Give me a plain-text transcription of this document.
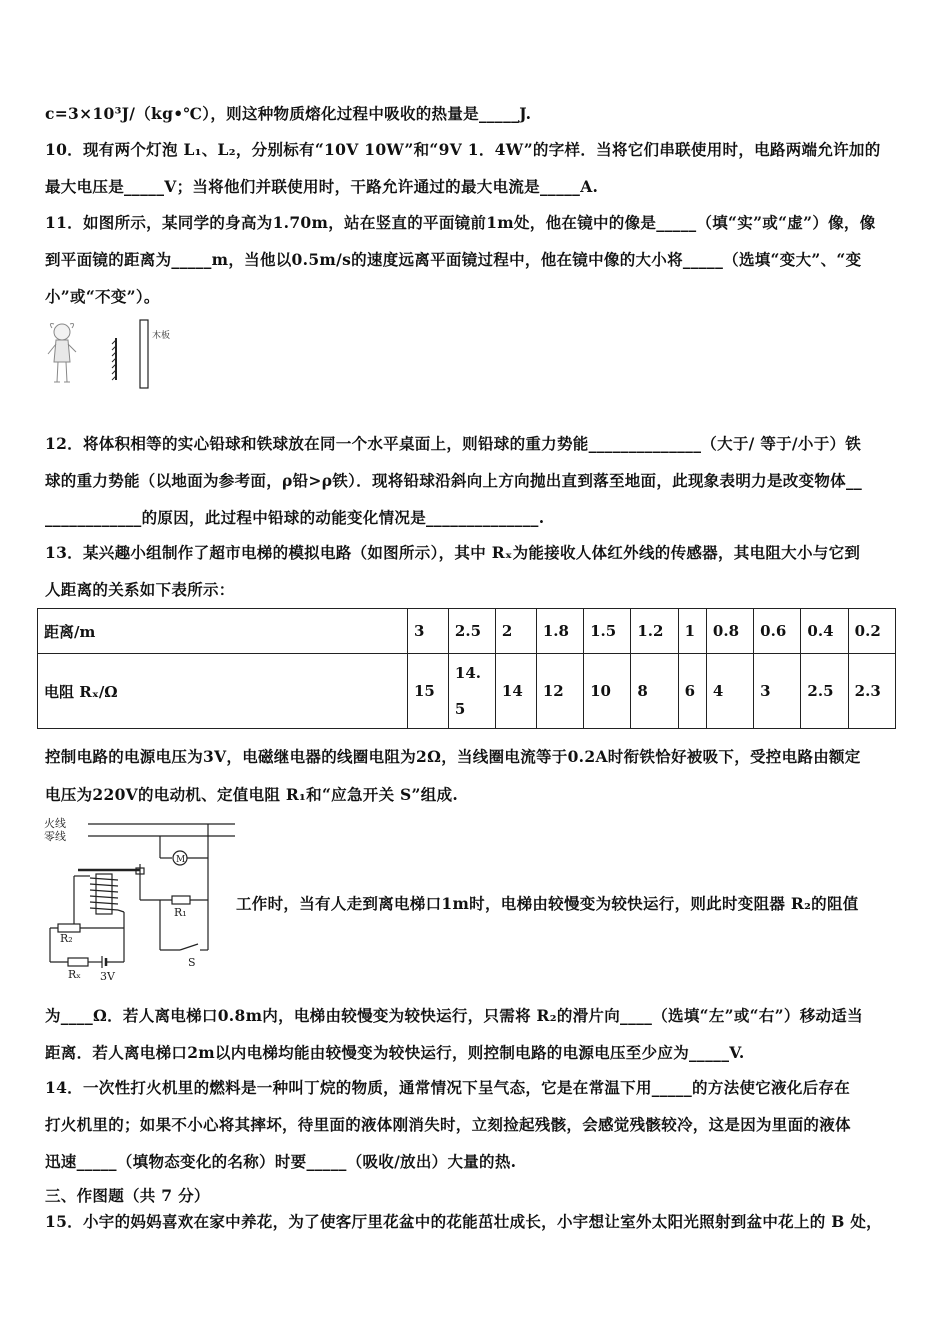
c=3×10³J/（kg•℃），则这种物质熔化过程中吸收的热量是_____J.
10．现有两个灯泡 L₁、L₂，分别标有“10V 10W”和“9V 1．4W”的字样．当将它们串联使用时，电路两端允许加的
最大电压是_____V；当将他们并联使用时，干路允许通过的最大电流是_____A.
11．如图所示，某同学的身高为1.70m，站在竖直的平面镜前1m处，他在镜中的像是_____（填“实”或“虚”）像，像
到平面镜的距离为_____m，当他以0.5m/s的速度远离平面镜过程中，他在镜中像的大小将_____（选填“变大”、“变
小”或“不变”）。
木板
12．将体积相等的实心铅球和铁球放在同一个水平桌面上，则铅球的重力势能______________（大于/ 等于/小于）铁
球的重力势能（以地面为参考面，ρ铅>ρ铁）．现将铅球沿斜向上方向抛出直到落至地面，此现象表明力是改变物体__
____________的原因，此过程中铅球的动能变化情况是______________.
13．某兴趣小组制作了超市电梯的模拟电路（如图所示），其中 Rₓ为能接收人体红外线的传感器，其电阻大小与它到
人距离的关系如下表所示：
距离/m	3	2.5	2	1.8	1.5	1.2	1	0.8	0.6	0.4	0.2
电阻 Rₓ/Ω	15	14.5	14	12	10	8	6	4	3	2.5	2.3
控制电路的电源电压为3V，电磁继电器的线圈电阻为2Ω，当线圈电流等于0.2A时衔铁恰好被吸下，受控电路由额定
电压为220V的电动机、定值电阻 R₁和“应急开关 S”组成.
火线
零线
M
R₁
R₂
Rₓ 3V
S
工作时，当有人走到离电梯口1m时，电梯由较慢变为较快运行，则此时变阻器 R₂的阻值
为____Ω．若人离电梯口0.8m内，电梯由较慢变为较快运行，只需将 R₂的滑片向____（选填“左”或“右”）移动适当
距离．若人离电梯口2m以内电梯均能由较慢变为较快运行，则控制电路的电源电压至少应为_____V.
14．一次性打火机里的燃料是一种叫丁烷的物质，通常情况下呈气态，它是在常温下用_____的方法使它液化后存在
打火机里的；如果不小心将其摔坏，待里面的液体刚消失时，立刻捡起残骸，会感觉残骸较冷，这是因为里面的液体
迅速_____（填物态变化的名称）时要_____（吸收/放出）大量的热.
三、作图题（共 7 分）
15．小宇的妈妈喜欢在家中养花，为了使客厅里花盆中的花能茁壮成长，小宇想让室外太阳光照射到盆中花上的 B 处，
